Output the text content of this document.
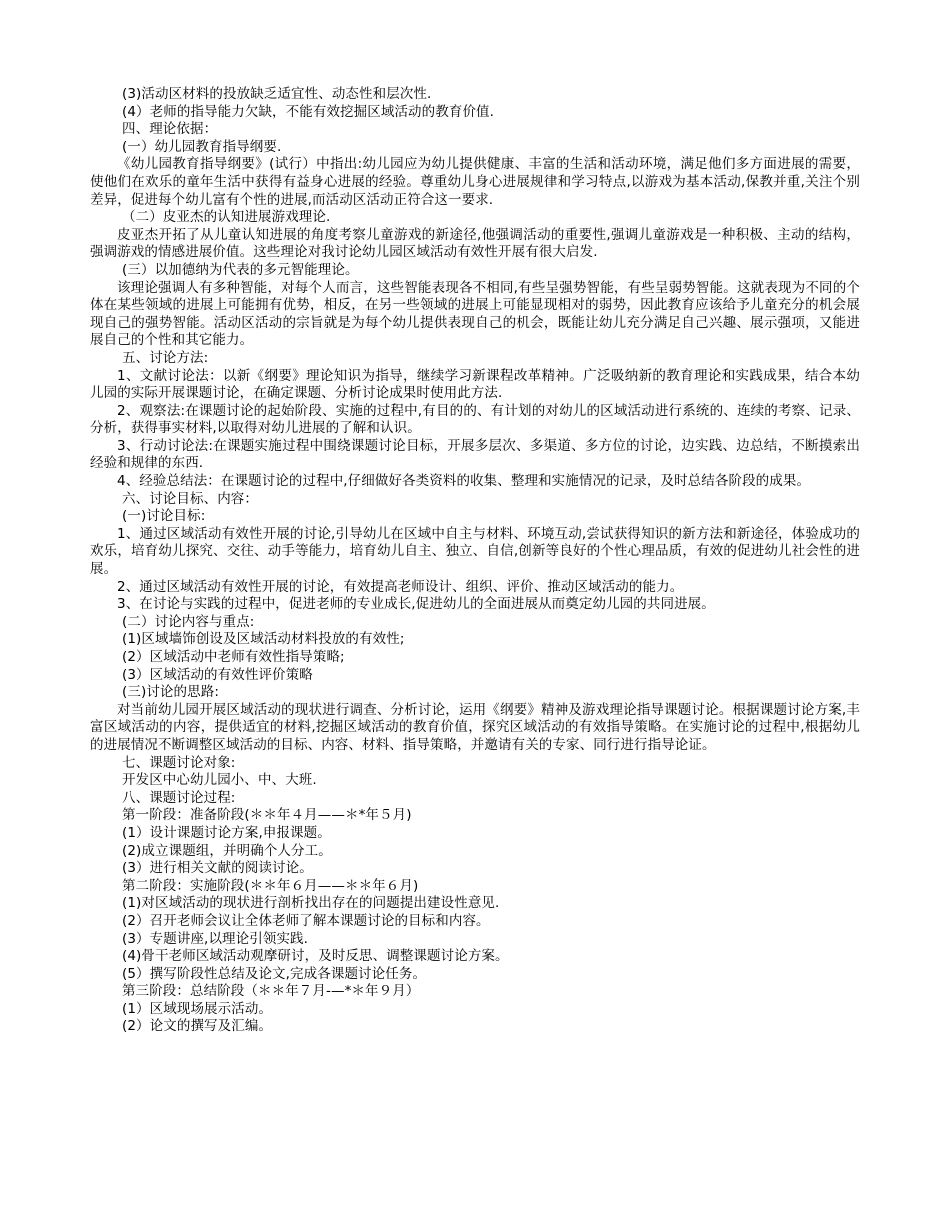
(3)活动区材料的投放缺乏适宜性、动态性和层次性.
(4）老师的指导能力欠缺，不能有效挖掘区域活动的教育价值.
四、理论依据：
(一）幼儿园教育指导纲要.
《幼儿园教育指导纲要》(试行）中指出:幼儿园应为幼儿提供健康、丰富的生活和活动环境，满足他们多方面进展的需要，使他们在欢乐的童年生活中获得有益身心进展的经验。尊重幼儿身心进展规律和学习特点,以游戏为基本活动,保教并重,关注个别差异，促进每个幼儿富有个性的进展,而活动区活动正符合这一要求.
（二）皮亚杰的认知进展游戏理论.
皮亚杰开拓了从儿童认知进展的角度考察儿童游戏的新途径,他强调活动的重要性,强调儿童游戏是一种积极、主动的结构，强调游戏的情感进展价值。这些理论对我讨论幼儿园区域活动有效性开展有很大启发.
(三）以加德纳为代表的多元智能理论。
该理论强调人有多种智能，对每个人而言，这些智能表现各不相同,有些呈强势智能，有些呈弱势智能。这就表现为不同的个体在某些领域的进展上可能拥有优势，相反，在另一些领域的进展上可能显现相对的弱势，因此教育应该给予儿童充分的机会展现自己的强势智能。活动区活动的宗旨就是为每个幼儿提供表现自己的机会，既能让幼儿充分满足自己兴趣、展示强项，又能进展自己的个性和其它能力。
五、讨论方法:
1、文献讨论法：以新《纲要》理论知识为指导，继续学习新课程改革精神。广泛吸纳新的教育理论和实践成果，结合本幼儿园的实际开展课题讨论，在确定课题、分析讨论成果时使用此方法.
2、观察法:在课题讨论的起始阶段、实施的过程中,有目的的、有计划的对幼儿的区域活动进行系统的、连续的考察、记录、分析，获得事实材料,以取得对幼儿进展的了解和认识。
3、行动讨论法:在课题实施过程中围绕课题讨论目标，开展多层次、多渠道、多方位的讨论，边实践、边总结，不断摸索出经验和规律的东西.
4、经验总结法：在课题讨论的过程中,仔细做好各类资料的收集、整理和实施情况的记录，及时总结各阶段的成果。
六、讨论目标、内容：
(一)讨论目标:
1、通过区域活动有效性开展的讨论,引导幼儿在区域中自主与材料、环境互动,尝试获得知识的新方法和新途径，体验成功的欢乐，培育幼儿探究、交往、动手等能力，培育幼儿自主、独立、自信,创新等良好的个性心理品质，有效的促进幼儿社会性的进展。
2、通过区域活动有效性开展的讨论，有效提高老师设计、组织、评价、推动区域活动的能力。
3、在讨论与实践的过程中，促进老师的专业成长,促进幼儿的全面进展从而奠定幼儿园的共同进展。
(二）讨论内容与重点:
(1)区域墙饰创设及区域活动材料投放的有效性;
(2）区域活动中老师有效性指导策略;
(3）区域活动的有效性评价策略
(三)讨论的思路:
对当前幼儿园开展区域活动的现状进行调查、分析讨论，运用《纲要》精神及游戏理论指导课题讨论。根据课题讨论方案,丰富区域活动的内容，提供适宜的材料,挖掘区域活动的教育价值，探究区域活动的有效指导策略。在实施讨论的过程中,根据幼儿的进展情况不断调整区域活动的目标、内容、材料、指导策略，并邀请有关的专家、同行进行指导论证。
七、课题讨论对象:
开发区中心幼儿园小、中、大班.
八、课题讨论过程:
第一阶段：准备阶段(＊＊年４月——＊*年５月)
(1）设计课题讨论方案,申报课题。
(2)成立课题组，并明确个人分工。
(3）进行相关文献的阅读讨论。
第二阶段：实施阶段(＊＊年６月——＊＊年６月)
(1)对区域活动的现状进行剖析找出存在的问题提出建设性意见.
(2）召开老师会议让全体老师了解本课题讨论的目标和内容。
(3）专题讲座,以理论引领实践.
(4)骨干老师区域活动观摩研讨，及时反思、调整课题讨论方案。
(5）撰写阶段性总结及论文,完成各课题讨论任务。
第三阶段：总结阶段（＊＊年７月-—*＊年９月）
(1）区域现场展示活动。
(2）论文的撰写及汇编。
